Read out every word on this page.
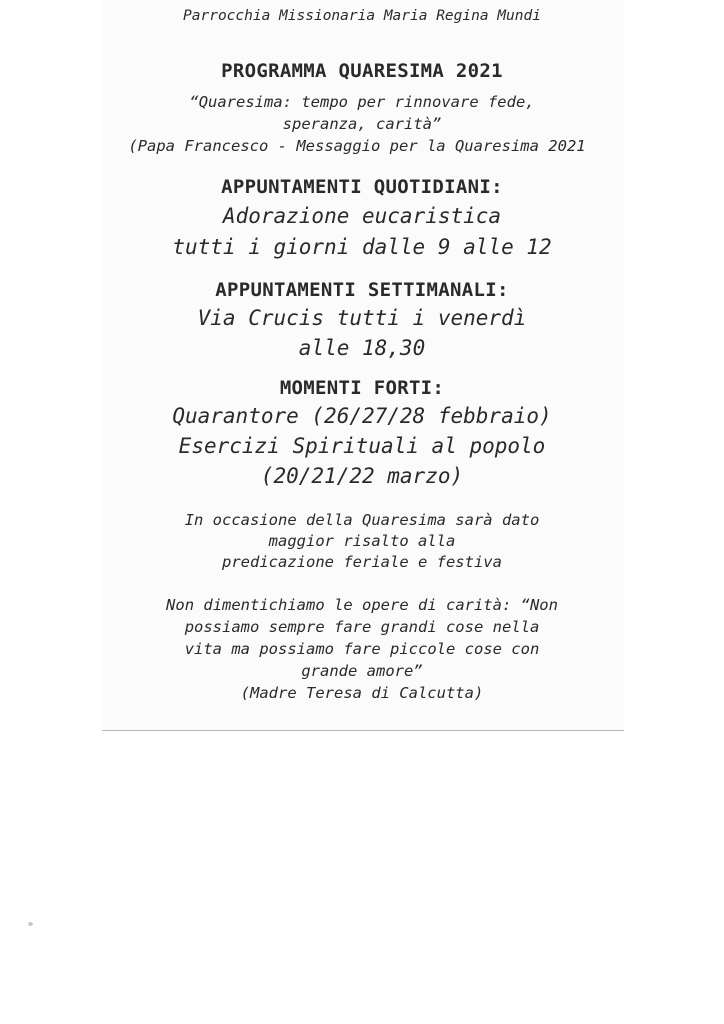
Parrocchia Missionaria Maria Regina Mundi
PROGRAMMA QUARESIMA 2021
“Quaresima: tempo per rinnovare fede,
speranza, carità”
(Papa Francesco - Messaggio per la Quaresima 2021
APPUNTAMENTI QUOTIDIANI:
Adorazione eucaristica
tutti i giorni dalle 9 alle 12
APPUNTAMENTI SETTIMANALI:
Via Crucis tutti i venerdì
alle 18,30
MOMENTI FORTI:
Quarantore (26/27/28 febbraio)
Esercizi Spirituali al popolo
(20/21/22 marzo)
In occasione della Quaresima sarà dato
maggior risalto alla
predicazione feriale e festiva
Non dimentichiamo le opere di carità: “Non
possiamo sempre fare grandi cose nella
vita ma possiamo fare piccole cose con
grande amore”
(Madre Teresa di Calcutta)
